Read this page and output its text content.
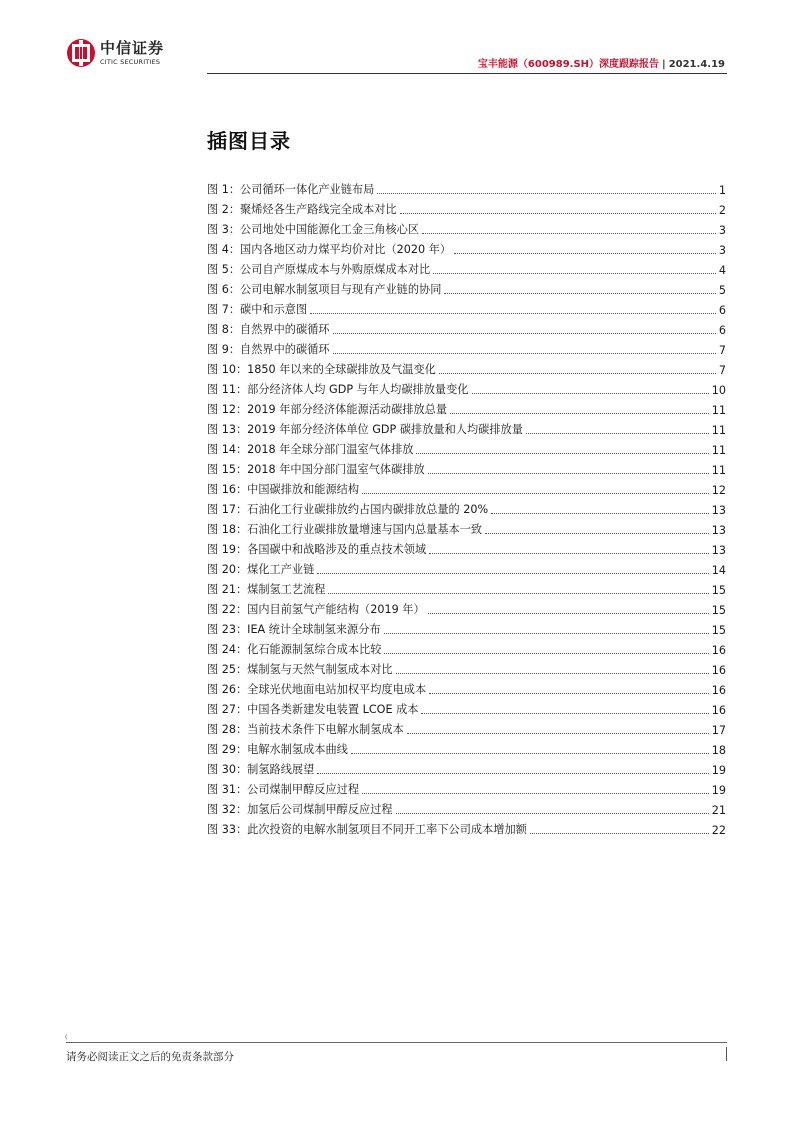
中信证券
CITIC SECURITIES	宝丰能源（600989.SH）深度跟踪报告 | 2021.4.19
插图目录
图 1：公司循环一体化产业链布局	1
图 2：聚烯烃各生产路线完全成本对比	2
图 3：公司地处中国能源化工金三角核心区	3
图 4：国内各地区动力煤平均价对比（2020 年）	3
图 5：公司自产原煤成本与外购原煤成本对比	4
图 6：公司电解水制氢项目与现有产业链的协同	5
图 7：碳中和示意图	6
图 8：自然界中的碳循环	6
图 9：自然界中的碳循环	7
图 10：1850 年以来的全球碳排放及气温变化	7
图 11：部分经济体人均 GDP 与年人均碳排放量变化	10
图 12：2019 年部分经济体能源活动碳排放总量	11
图 13：2019 年部分经济体单位 GDP 碳排放量和人均碳排放量	11
图 14：2018 年全球分部门温室气体排放	11
图 15：2018 年中国分部门温室气体碳排放	11
图 16：中国碳排放和能源结构	12
图 17：石油化工行业碳排放约占国内碳排放总量的 20%	13
图 18：石油化工行业碳排放量增速与国内总量基本一致	13
图 19：各国碳中和战略涉及的重点技术领域	13
图 20：煤化工产业链	14
图 21：煤制氢工艺流程	15
图 22：国内目前氢气产能结构（2019 年）	15
图 23：IEA 统计全球制氢来源分布	15
图 24：化石能源制氢综合成本比较	16
图 25：煤制氢与天然气制氢成本对比	16
图 26：全球光伏地面电站加权平均度电成本	16
图 27：中国各类新建发电装置 LCOE 成本	16
图 28：当前技术条件下电解水制氢成本	17
图 29：电解水制氢成本曲线	18
图 30：制氢路线展望	19
图 31：公司煤制甲醇反应过程	19
图 32：加氢后公司煤制甲醇反应过程	21
图 33：此次投资的电解水制氢项目不同开工率下公司成本增加额	22
(
请务必阅读正文之后的免责条款部分
